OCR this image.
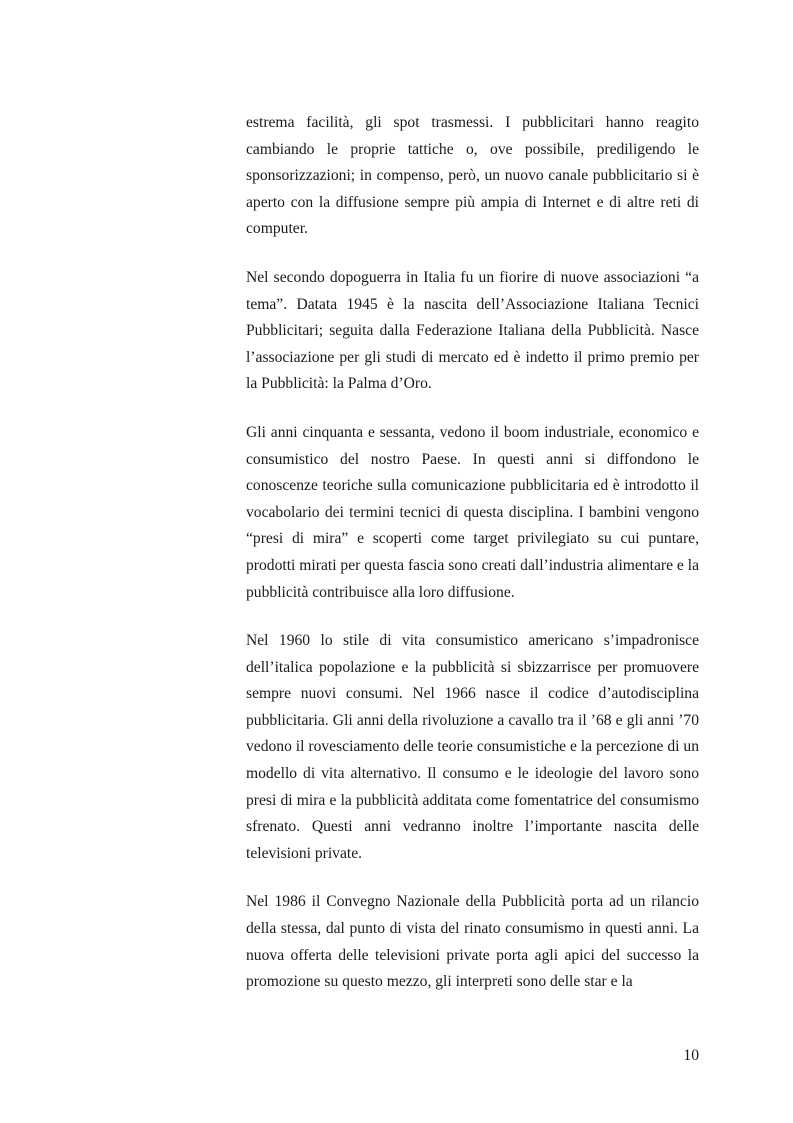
estrema facilità, gli spot trasmessi. I pubblicitari hanno reagito cambiando le proprie tattiche o, ove possibile, prediligendo le sponsorizzazioni; in compenso, però, un nuovo canale pubblicitario si è aperto con la diffusione sempre più ampia di Internet e di altre reti di computer.

Nel secondo dopoguerra in Italia fu un fiorire di nuove associazioni “a tema”. Datata 1945 è la nascita dell’Associazione Italiana Tecnici Pubblicitari; seguita dalla Federazione Italiana della Pubblicità. Nasce l’associazione per gli studi di mercato ed è indetto il primo premio per la Pubblicità: la Palma d’Oro.

Gli anni cinquanta e sessanta, vedono il boom industriale, economico e consumistico del nostro Paese. In questi anni si diffondono le conoscenze teoriche sulla comunicazione pubblicitaria ed è introdotto il vocabolario dei termini tecnici di questa disciplina. I bambini vengono “presi di mira” e scoperti come target privilegiato su cui puntare, prodotti mirati per questa fascia sono creati dall’industria alimentare e la pubblicità contribuisce alla loro diffusione.

Nel 1960 lo stile di vita consumistico americano s’impadronisce dell’italica popolazione e la pubblicità si sbizzarrisce per promuovere sempre nuovi consumi. Nel 1966 nasce il codice d’autodisciplina pubblicitaria. Gli anni della rivoluzione a cavallo tra il ’68 e gli anni ’70 vedono il rovesciamento delle teorie consumistiche e la percezione di un modello di vita alternativo. Il consumo e le ideologie del lavoro sono presi di mira e la pubblicità additata come fomentatrice del consumismo sfrenato. Questi anni vedranno inoltre l’importante nascita delle televisioni private.

Nel 1986 il Convegno Nazionale della Pubblicità porta ad un rilancio della stessa, dal punto di vista del rinato consumismo in questi anni. La nuova offerta delle televisioni private porta agli apici del successo la promozione su questo mezzo, gli interpreti sono delle star e la

10
